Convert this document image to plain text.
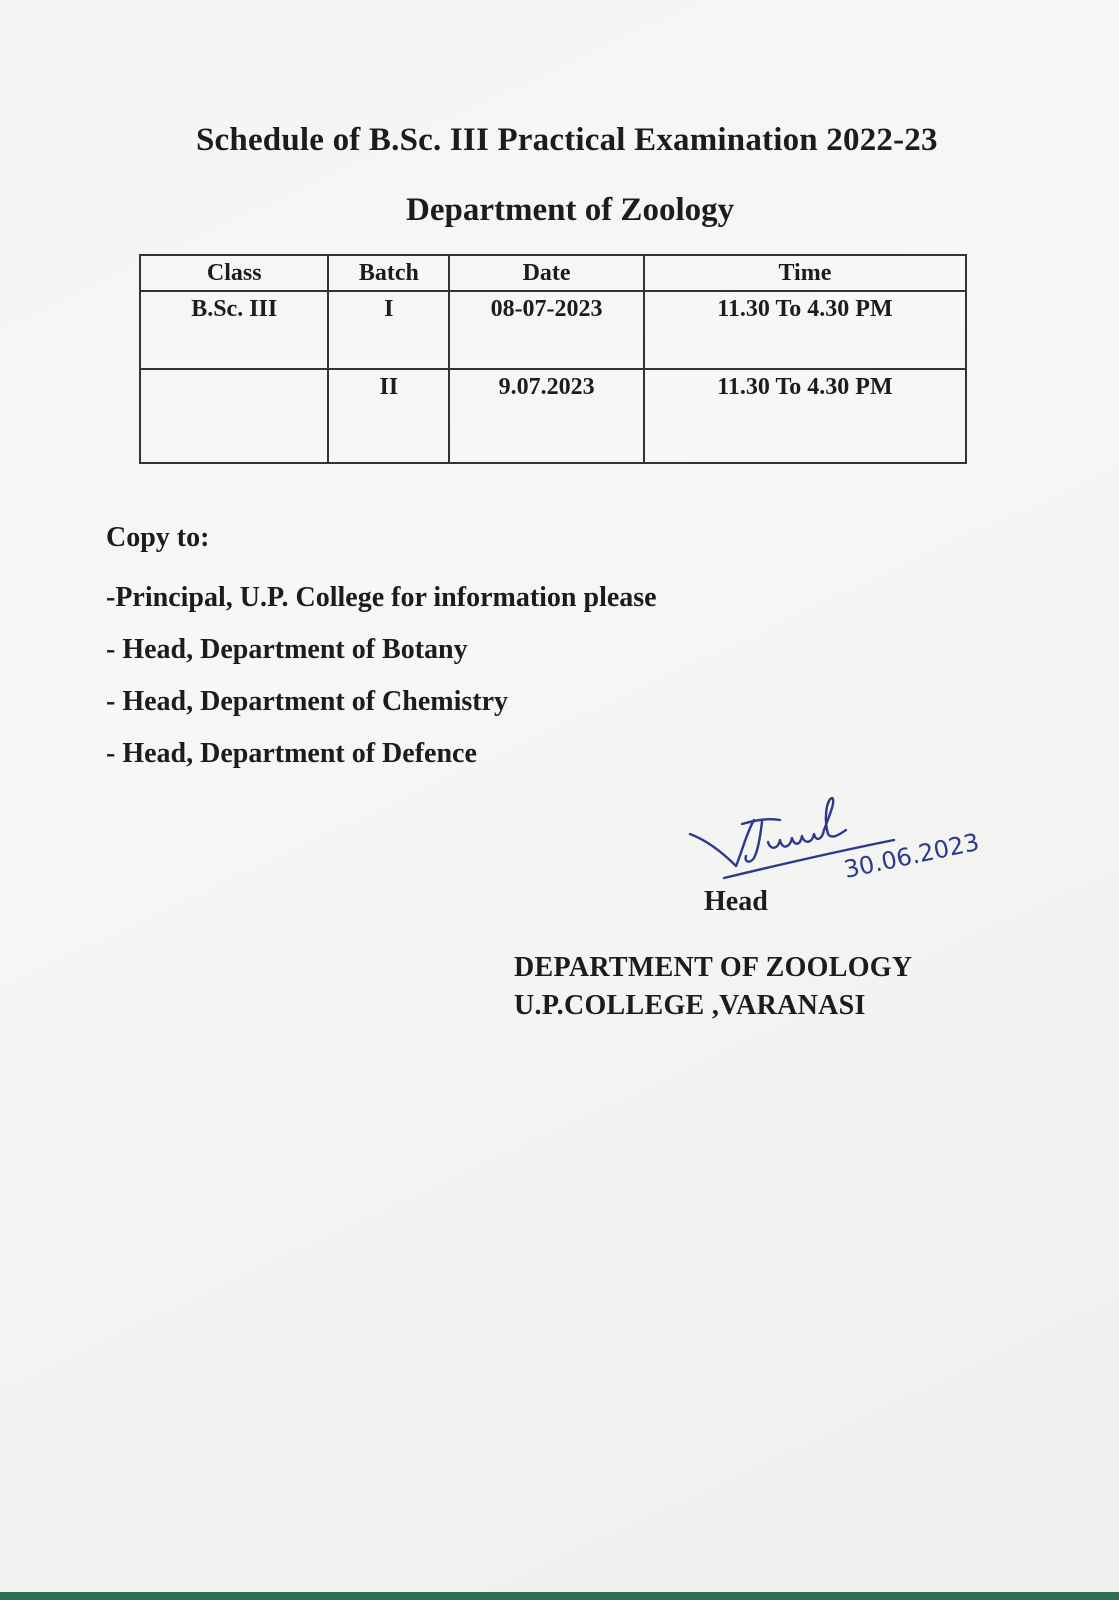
Schedule of B.Sc. III Practical Examination 2022-23
Department of Zoology
Class	Batch	Date	Time
B.Sc. III	I	08-07-2023	11.30 To 4.30 PM
	II	9.07.2023	11.30 To 4.30 PM
Copy to:
-Principal, U.P. College for information please
- Head, Department of Botany
- Head, Department of Chemistry
- Head, Department of Defence
30.06.2023
Head
DEPARTMENT OF ZOOLOGY
U.P.COLLEGE ,VARANASI
